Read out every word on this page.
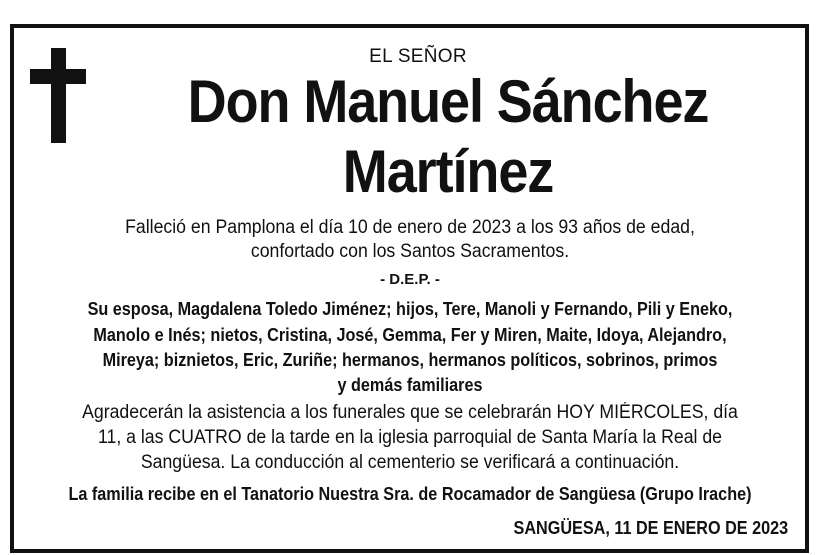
EL SEÑOR
Don Manuel Sánchez
Martínez
Falleció en Pamplona el día 10 de enero de 2023 a los 93 años de edad,
confortado con los Santos Sacramentos.
- D.E.P. -
Su esposa, Magdalena Toledo Jiménez; hijos, Tere, Manoli y Fernando, Pili y Eneko,
Manolo e Inés; nietos, Cristina, José, Gemma, Fer y Miren, Maite, Idoya, Alejandro,
Mireya; biznietos, Eric, Zuriñe; hermanos, hermanos políticos, sobrinos, primos
y demás familiares
Agradecerán la asistencia a los funerales que se celebrarán HOY MIÉRCOLES, día
11, a las CUATRO de la tarde en la iglesia parroquial de Santa María la Real de
Sangüesa. La conducción al cementerio se verificará a continuación.
La familia recibe en el Tanatorio Nuestra Sra. de Rocamador de Sangüesa (Grupo Irache)
SANGÜESA, 11 DE ENERO DE 2023
